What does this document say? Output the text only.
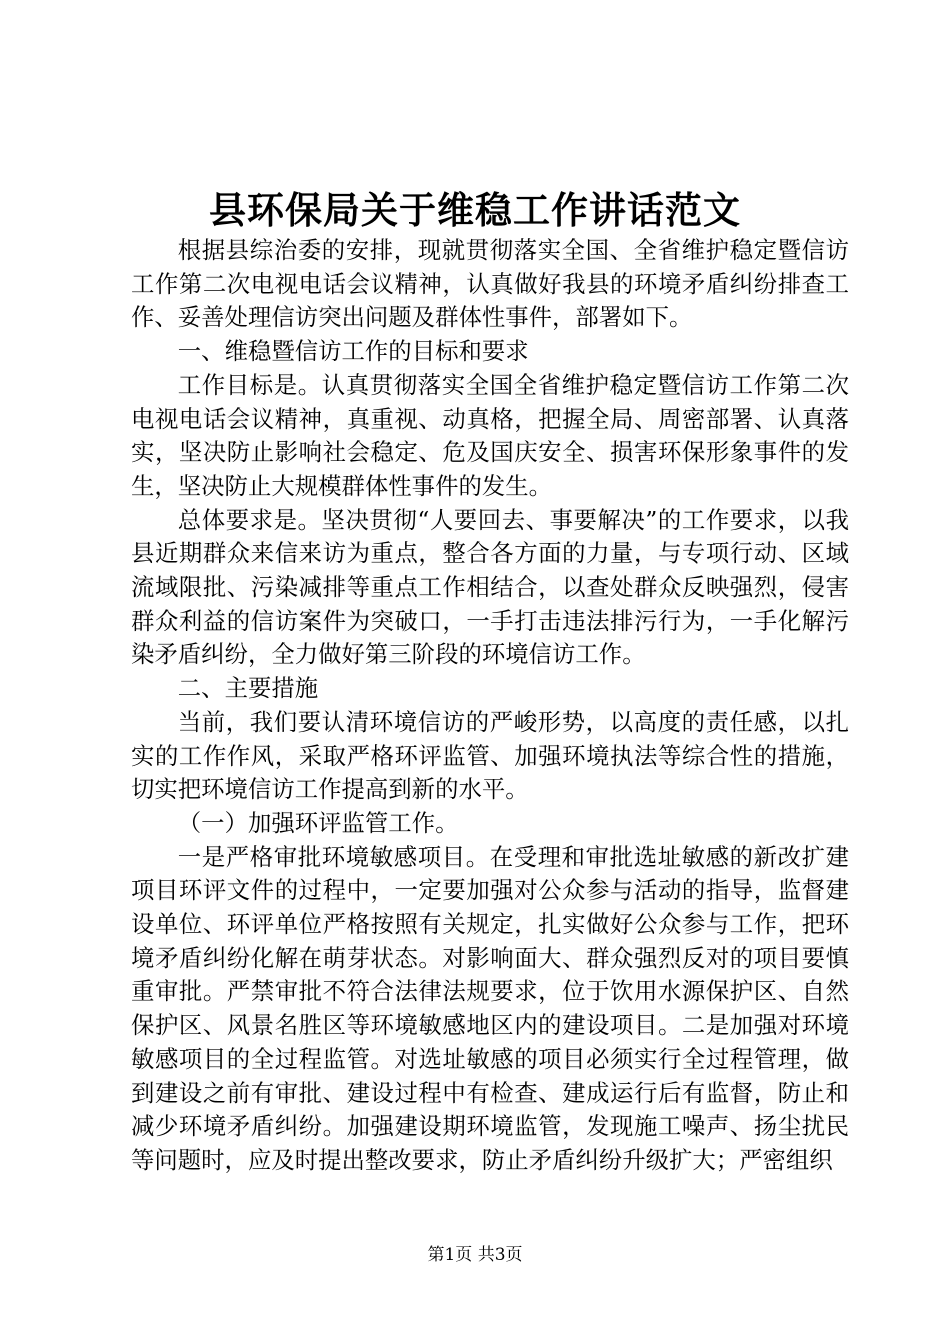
县环保局关于维稳工作讲话范文

根据县综治委的安排，现就贯彻落实全国、全省维护稳定暨信访工作第二次电视电话会议精神，认真做好我县的环境矛盾纠纷排查工作、妥善处理信访突出问题及群体性事件，部署如下。

一、维稳暨信访工作的目标和要求

工作目标是。认真贯彻落实全国全省维护稳定暨信访工作第二次电视电话会议精神，真重视、动真格，把握全局、周密部署、认真落实，坚决防止影响社会稳定、危及国庆安全、损害环保形象事件的发生，坚决防止大规模群体性事件的发生。

总体要求是。坚决贯彻“人要回去、事要解决”的工作要求，以我县近期群众来信来访为重点，整合各方面的力量，与专项行动、区域流域限批、污染减排等重点工作相结合，以查处群众反映强烈，侵害群众利益的信访案件为突破口，一手打击违法排污行为，一手化解污染矛盾纠纷，全力做好第三阶段的环境信访工作。

二、主要措施

当前，我们要认清环境信访的严峻形势，以高度的责任感，以扎实的工作作风，采取严格环评监管、加强环境执法等综合性的措施，切实把环境信访工作提高到新的水平。

（一）加强环评监管工作。

一是严格审批环境敏感项目。在受理和审批选址敏感的新改扩建项目环评文件的过程中，一定要加强对公众参与活动的指导，监督建设单位、环评单位严格按照有关规定，扎实做好公众参与工作，把环境矛盾纠纷化解在萌芽状态。对影响面大、群众强烈反对的项目要慎重审批。严禁审批不符合法律法规要求，位于饮用水源保护区、自然保护区、风景名胜区等环境敏感地区内的建设项目。二是加强对环境敏感项目的全过程监管。对选址敏感的项目必须实行全过程管理，做到建设之前有审批、建设过程中有检查、建成运行后有监督，防止和减少环境矛盾纠纷。加强建设期环境监管，发现施工噪声、扬尘扰民等问题时，应及时提出整改要求，防止矛盾纠纷升级扩大；严密组织

第1页 共3页
